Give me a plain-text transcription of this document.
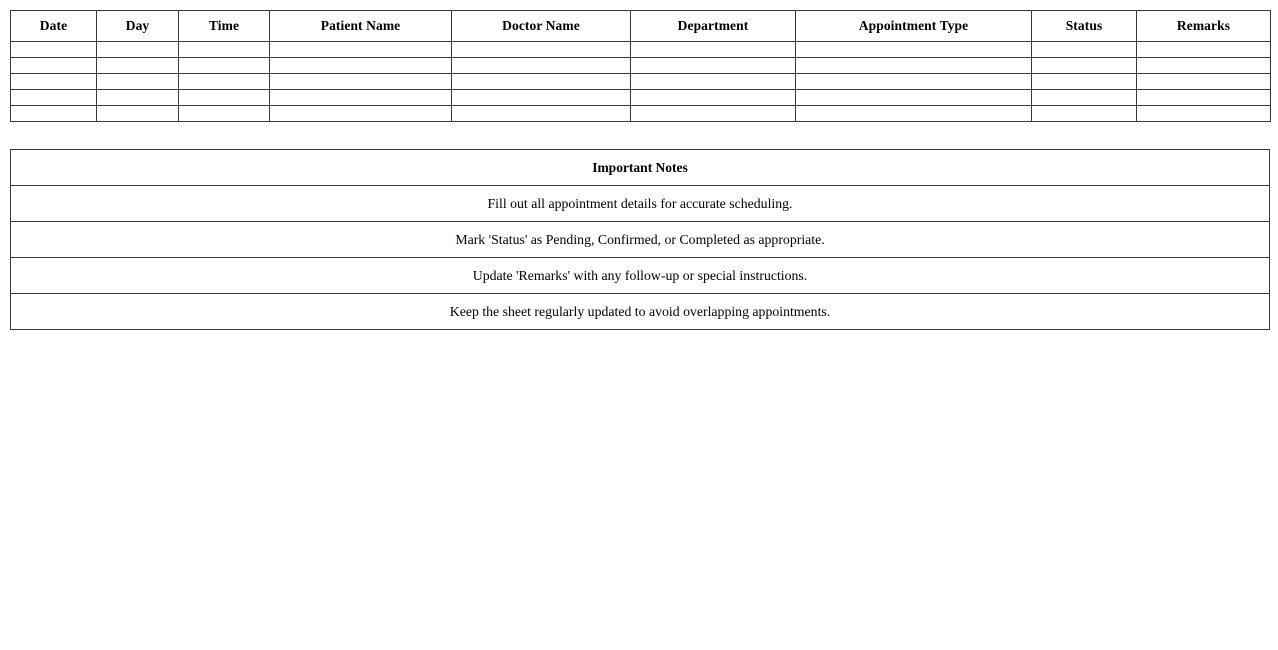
Date	Day	Time	Patient Name	Doctor Name	Department	Appointment Type	Status	Remarks

Important Notes
Fill out all appointment details for accurate scheduling.
Mark 'Status' as Pending, Confirmed, or Completed as appropriate.
Update 'Remarks' with any follow-up or special instructions.
Keep the sheet regularly updated to avoid overlapping appointments.
